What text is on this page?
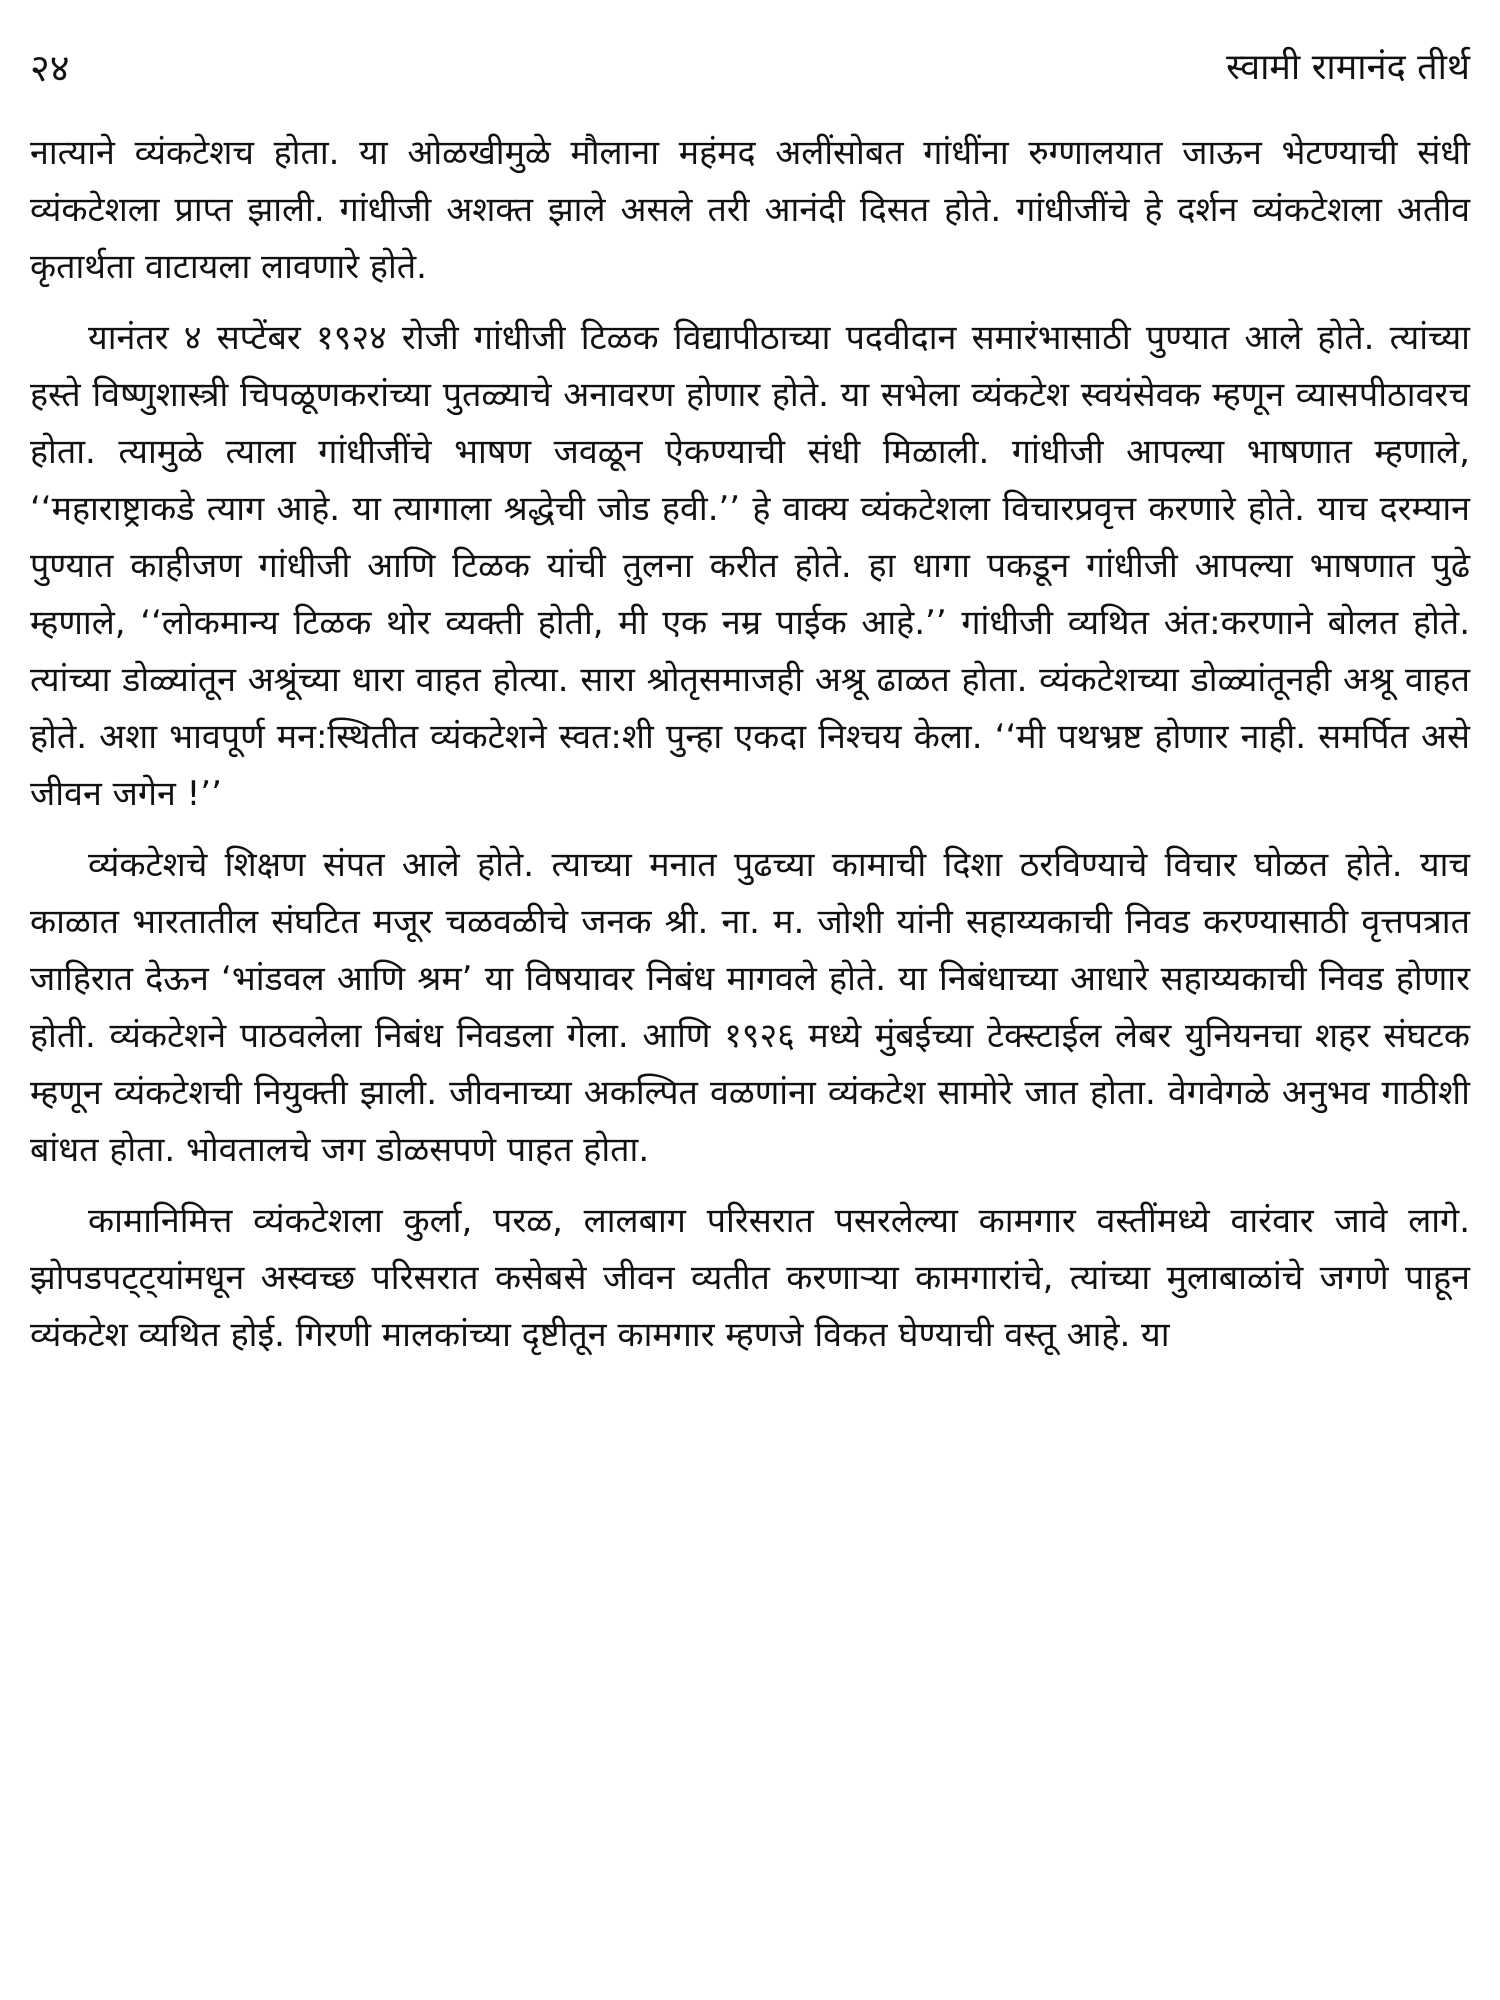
२४	स्वामी रामानंद तीर्थ

नात्याने व्यंकटेशच होता. या ओळखीमुळे मौलाना महंमद अलींसोबत गांधींना रुग्णालयात जाऊन भेटण्याची संधी व्यंकटेशला प्राप्त झाली. गांधीजी अशक्त झाले असले तरी आनंदी दिसत होते. गांधीजींचे हे दर्शन व्यंकटेशला अतीव कृतार्थता वाटायला लावणारे होते.

यानंतर ४ सप्टेंबर १९२४ रोजी गांधीजी टिळक विद्यापीठाच्या पदवीदान समारंभासाठी पुण्यात आले होते. त्यांच्या हस्ते विष्णुशास्त्री चिपळूणकरांच्या पुतळ्याचे अनावरण होणार होते. या सभेला व्यंकटेश स्वयंसेवक म्हणून व्यासपीठावरच होता. त्यामुळे त्याला गांधीजींचे भाषण जवळून ऐकण्याची संधी मिळाली. गांधीजी आपल्या भाषणात म्हणाले, ‘‘महाराष्ट्राकडे त्याग आहे. या त्यागाला श्रद्धेची जोड हवी.’’ हे वाक्य व्यंकटेशला विचारप्रवृत्त करणारे होते. याच दरम्यान पुण्यात काहीजण गांधीजी आणि टिळक यांची तुलना करीत होते. हा धागा पकडून गांधीजी आपल्या भाषणात पुढे म्हणाले, ‘‘लोकमान्य टिळक थोर व्यक्ती होती, मी एक नम्र पाईक आहे.’’ गांधीजी व्यथित अंत:करणाने बोलत होते. त्यांच्या डोळ्यांतून अश्रूंच्या धारा वाहत होत्या. सारा श्रोतृसमाजही अश्रू ढाळत होता. व्यंकटेशच्या डोळ्यांतूनही अश्रू वाहत होते. अशा भावपूर्ण मन:स्थितीत व्यंकटेशने स्वत:शी पुन्हा एकदा निश्चय केला. ‘‘मी पथभ्रष्ट होणार नाही. समर्पित असे जीवन जगेन !’’

व्यंकटेशचे शिक्षण संपत आले होते. त्याच्या मनात पुढच्या कामाची दिशा ठरविण्याचे विचार घोळत होते. याच काळात भारतातील संघटित मजूर चळवळीचे जनक श्री. ना. म. जोशी यांनी सहाय्यकाची निवड करण्यासाठी वृत्तपत्रात जाहिरात देऊन ‘भांडवल आणि श्रम’ या विषयावर निबंध मागवले होते. या निबंधाच्या आधारे सहाय्यकाची निवड होणार होती. व्यंकटेशने पाठवलेला निबंध निवडला गेला. आणि १९२६ मध्ये मुंबईच्या टेक्स्टाईल लेबर युनियनचा शहर संघटक म्हणून व्यंकटेशची नियुक्ती झाली. जीवनाच्या अकल्पित वळणांना व्यंकटेश सामोरे जात होता. वेगवेगळे अनुभव गाठीशी बांधत होता. भोवतालचे जग डोळसपणे पाहत होता.

कामानिमित्त व्यंकटेशला कुर्ला, परळ, लालबाग परिसरात पसरलेल्या कामगार वस्तींमध्ये वारंवार जावे लागे. झोपडपट्ट्यांमधून अस्वच्छ परिसरात कसेबसे जीवन व्यतीत करणाऱ्या कामगारांचे, त्यांच्या मुलाबाळांचे जगणे पाहून व्यंकटेश व्यथित होई. गिरणी मालकांच्या दृष्टीतून कामगार म्हणजे विकत घेण्याची वस्तू आहे. या
